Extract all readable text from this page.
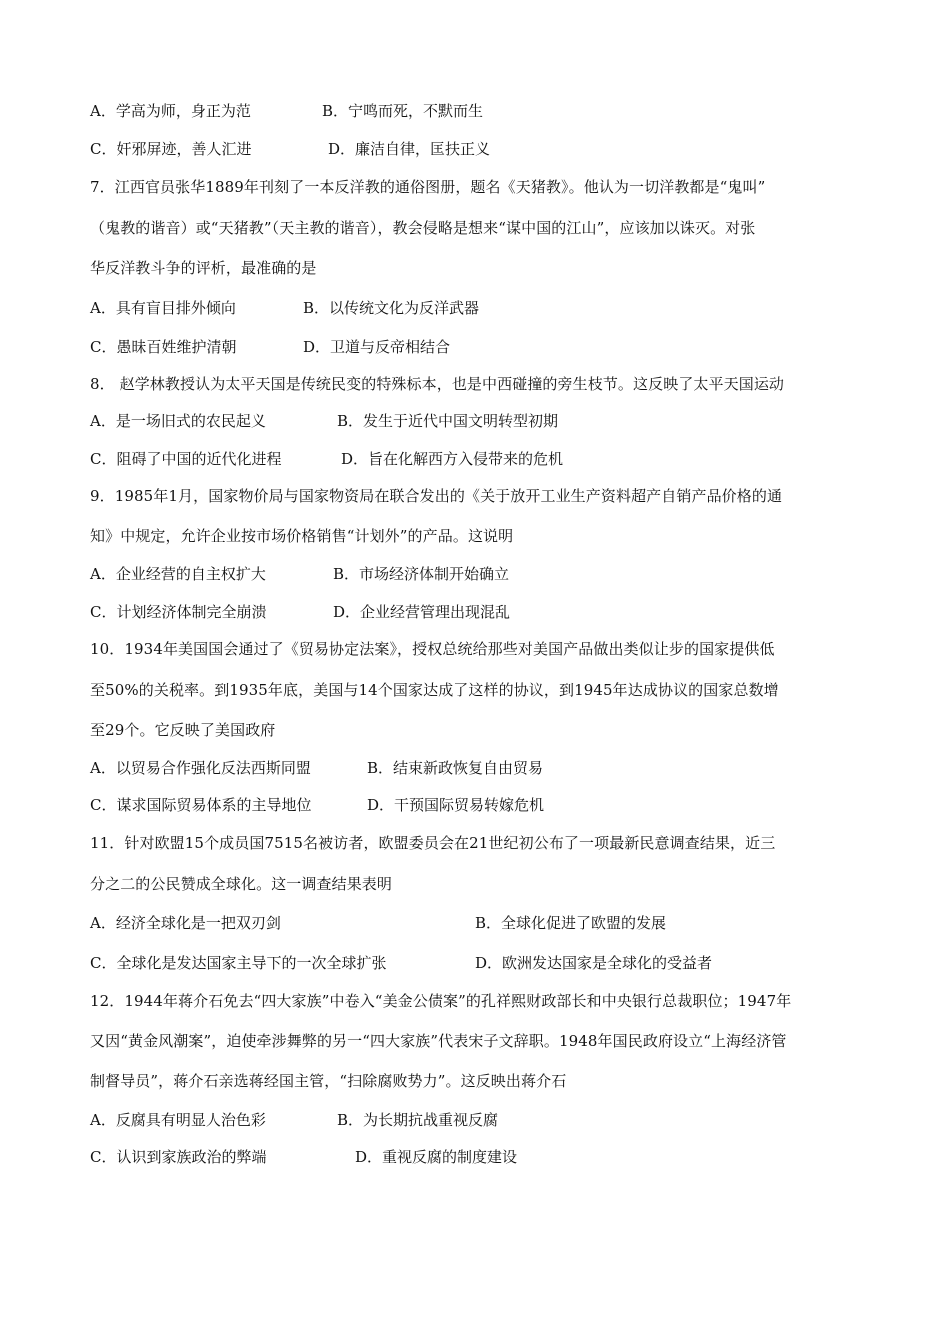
A．学高为师，身正为范	B．宁鸣而死，不默而生
C．奸邪屏迹，善人汇进	D．廉洁自律，匡扶正义
7．江西官员张华1889年刊刻了一本反洋教的通俗图册，题名《天猪教》。他认为一切洋教都是“鬼叫”
（鬼教的谐音）或“天猪教”（天主教的谐音），教会侵略是想来“谋中国的江山”，应该加以诛灭。对张
华反洋教斗争的评析，最准确的是
A．具有盲目排外倾向	B．以传统文化为反洋武器
C．愚昧百姓维护清朝	D．卫道与反帝相结合
8． 赵学林教授认为太平天国是传统民变的特殊标本，也是中西碰撞的旁生枝节。这反映了太平天国运动
A．是一场旧式的农民起义	B．发生于近代中国文明转型初期
C．阻碍了中国的近代化进程	D．旨在化解西方入侵带来的危机
9．1985年1月，国家物价局与国家物资局在联合发出的《关于放开工业生产资料超产自销产品价格的通
知》中规定，允许企业按市场价格销售“计划外”的产品。这说明
A．企业经营的自主权扩大	B．市场经济体制开始确立
C．计划经济体制完全崩溃	D．企业经营管理出现混乱
10．1934年美国国会通过了《贸易协定法案》，授权总统给那些对美国产品做出类似让步的国家提供低
至50%的关税率。到1935年底，美国与14个国家达成了这样的协议，到1945年达成协议的国家总数增
至29个。它反映了美国政府
A．以贸易合作强化反法西斯同盟	B．结束新政恢复自由贸易
C．谋求国际贸易体系的主导地位	D．干预国际贸易转嫁危机
11．针对欧盟15个成员国7515名被访者，欧盟委员会在21世纪初公布了一项最新民意调查结果，近三
分之二的公民赞成全球化。这一调查结果表明
A．经济全球化是一把双刃剑	B．全球化促进了欧盟的发展
C．全球化是发达国家主导下的一次全球扩张	D．欧洲发达国家是全球化的受益者
12．1944年蒋介石免去“四大家族”中卷入“美金公债案”的孔祥熙财政部长和中央银行总裁职位；1947年
又因“黄金风潮案”，迫使牵涉舞弊的另一“四大家族”代表宋子文辞职。1948年国民政府设立“上海经济管
制督导员”，蒋介石亲选蒋经国主管，“扫除腐败势力”。这反映出蒋介石
A．反腐具有明显人治色彩	B．为长期抗战重视反腐
C．认识到家族政治的弊端	D．重视反腐的制度建设
